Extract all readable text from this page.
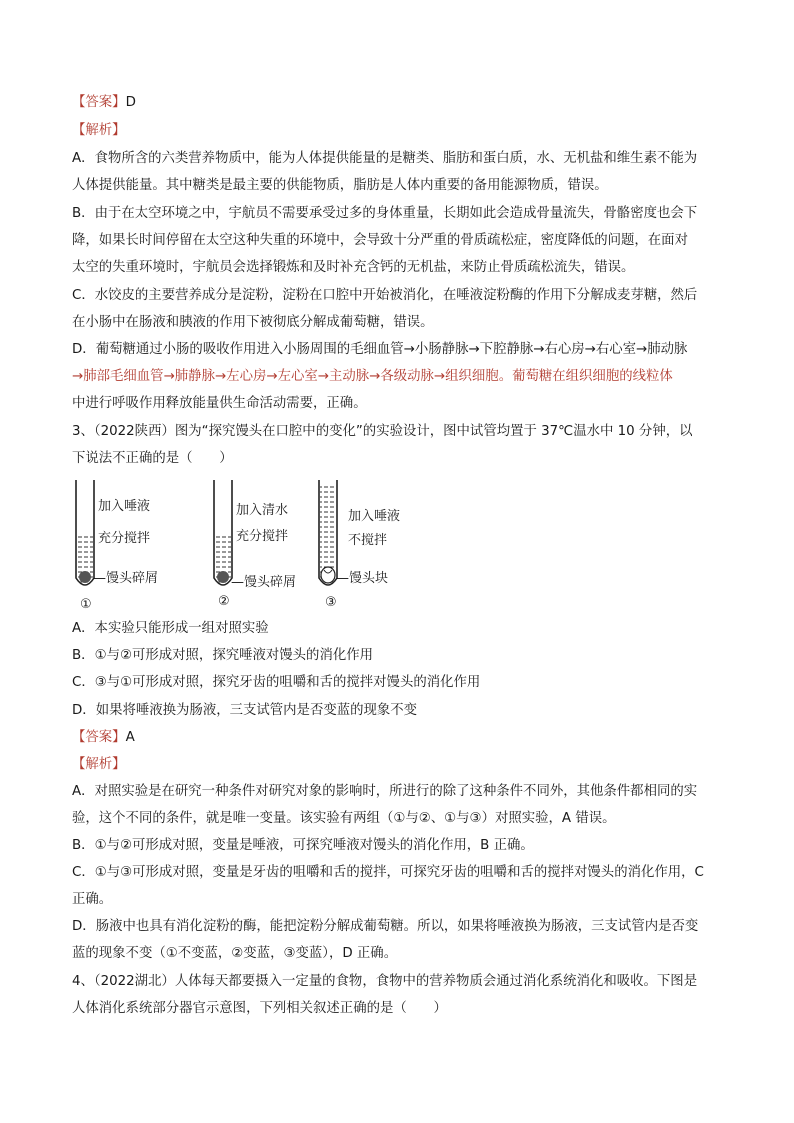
【答案】D
【解析】
A．食物所含的六类营养物质中，能为人体提供能量的是糖类、脂肪和蛋白质，水、无机盐和维生素不能为
人体提供能量。其中糖类是最主要的供能物质，脂肪是人体内重要的备用能源物质，错误。
B．由于在太空环境之中，宇航员不需要承受过多的身体重量，长期如此会造成骨量流失，骨骼密度也会下
降，如果长时间停留在太空这种失重的环境中，会导致十分严重的骨质疏松症，密度降低的问题，在面对
太空的失重环境时，宇航员会选择锻炼和及时补充含钙的无机盐，来防止骨质疏松流失，错误。
C．水饺皮的主要营养成分是淀粉，淀粉在口腔中开始被消化，在唾液淀粉酶的作用下分解成麦芽糖，然后
在小肠中在肠液和胰液的作用下被彻底分解成葡萄糖，错误。
D．葡萄糖通过小肠的吸收作用进入小肠周围的毛细血管→小肠静脉→下腔静脉→右心房→右心室→肺动脉
→肺部毛细血管→肺静脉→左心房→左心室→主动脉→各级动脉→组织细胞。葡萄糖在组织细胞的线粒体
中进行呼吸作用释放能量供生命活动需要，正确。
3、（2022陕西）图为“探究馒头在口腔中的变化”的实验设计，图中试管均置于 37℃温水中 10 分钟，以
下说法不正确的是（　　）
加入唾液
充分搅拌
—馒头碎屑
①
加入清水
充分搅拌
—馒头碎屑
②
加入唾液
不搅拌
—馒头块
③
A．本实验只能形成一组对照实验
B．①与②可形成对照，探究唾液对馒头的消化作用
C．③与①可形成对照，探究牙齿的咀嚼和舌的搅拌对馒头的消化作用
D．如果将唾液换为肠液，三支试管内是否变蓝的现象不变
【答案】A
【解析】
A．对照实验是在研究一种条件对研究对象的影响时，所进行的除了这种条件不同外，其他条件都相同的实
验，这个不同的条件，就是唯一变量。该实验有两组（①与②、①与③）对照实验，A 错误。
B．①与②可形成对照，变量是唾液，可探究唾液对馒头的消化作用，B 正确。
C．①与③可形成对照，变量是牙齿的咀嚼和舌的搅拌，可探究牙齿的咀嚼和舌的搅拌对馒头的消化作用，C
正确。
D．肠液中也具有消化淀粉的酶，能把淀粉分解成葡萄糖。所以，如果将唾液换为肠液，三支试管内是否变
蓝的现象不变（①不变蓝，②变蓝，③变蓝），D 正确。
4、（2022湖北）人体每天都要摄入一定量的食物，食物中的营养物质会通过消化系统消化和吸收。下图是
人体消化系统部分器官示意图，下列相关叙述正确的是（　　）
